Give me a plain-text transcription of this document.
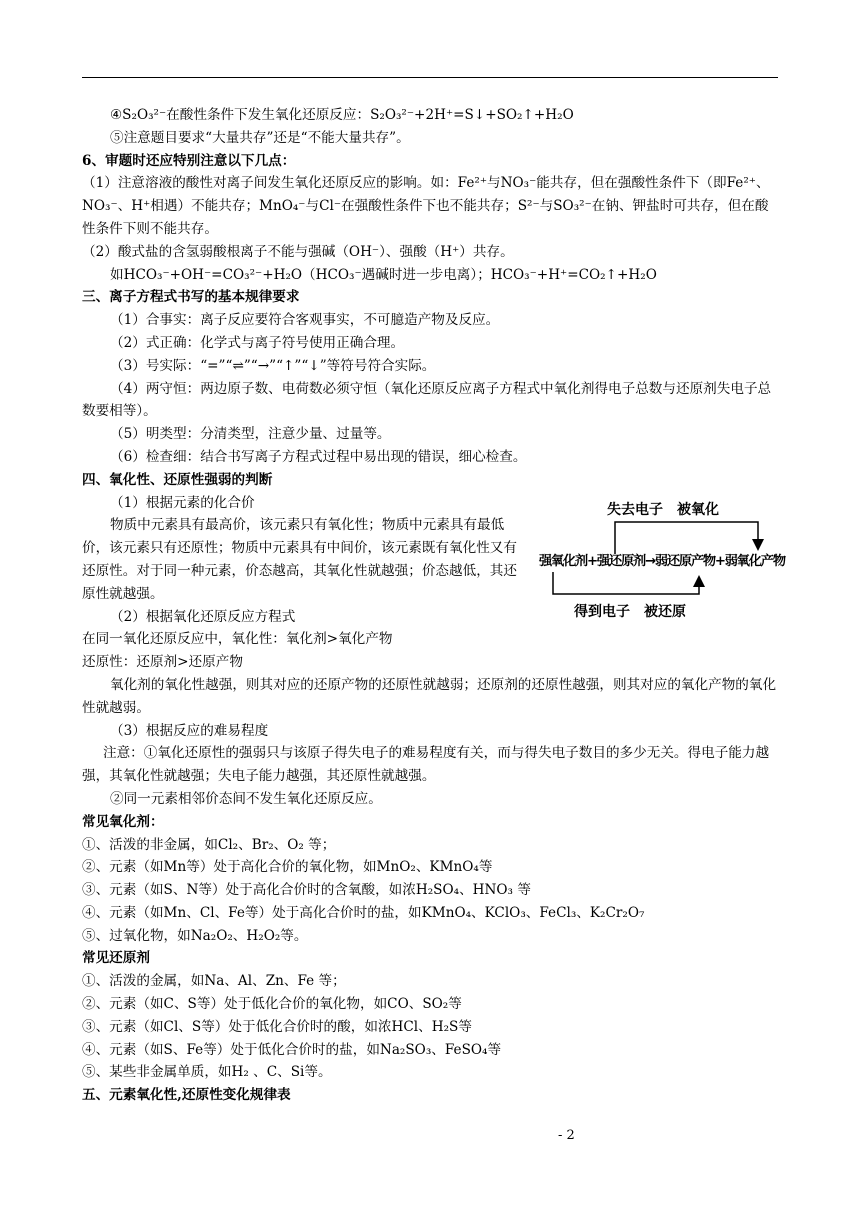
④S₂O₃²⁻在酸性条件下发生氧化还原反应：S₂O₃²⁻+2H⁺=S↓+SO₂↑+H₂O

⑤注意题目要求“大量共存”还是“不能大量共存”。

6、审题时还应特别注意以下几点：

（1）注意溶液的酸性对离子间发生氧化还原反应的影响。如：Fe²⁺与NO₃⁻能共存，但在强酸性条件下（即Fe²⁺、NO₃⁻、H⁺相遇）不能共存；MnO₄⁻与Cl⁻在强酸性条件下也不能共存；S²⁻与SO₃²⁻在钠、钾盐时可共存，但在酸性条件下则不能共存。

（2）酸式盐的含氢弱酸根离子不能与强碱（OH⁻）、强酸（H⁺）共存。

如HCO₃⁻+OH⁻=CO₃²⁻+H₂O（HCO₃⁻遇碱时进一步电离）；HCO₃⁻+H⁺=CO₂↑+H₂O

三、离子方程式书写的基本规律要求

（1）合事实：离子反应要符合客观事实，不可臆造产物及反应。

（2）式正确：化学式与离子符号使用正确合理。

（3）号实际：“=”“⇌”“→”“↑”“↓”等符号符合实际。

（4）两守恒：两边原子数、电荷数必须守恒（氧化还原反应离子方程式中氧化剂得电子总数与还原剂失电子总数要相等）。

（5）明类型：分清类型，注意少量、过量等。

（6）检查细：结合书写离子方程式过程中易出现的错误，细心检查。

四、氧化性、还原性强弱的判断

（1）根据元素的化合价

物质中元素具有最高价，该元素只有氧化性；物质中元素具有最低价，该元素只有还原性；物质中元素具有中间价，该元素既有氧化性又有还原性。对于同一种元素，价态越高，其氧化性就越强；价态越低，其还原性就越强。

（2）根据氧化还原反应方程式

在同一氧化还原反应中，氧化性：氧化剂>氧化产物

还原性：还原剂>还原产物

氧化剂的氧化性越强，则其对应的还原产物的还原性就越弱；还原剂的还原性越强，则其对应的氧化产物的氧化性就越弱。

（3）根据反应的难易程度

注意：①氧化还原性的强弱只与该原子得失电子的难易程度有关，而与得失电子数目的多少无关。得电子能力越强，其氧化性就越强；失电子能力越强，其还原性就越强。

②同一元素相邻价态间不发生氧化还原反应。

常见氧化剂：

①、活泼的非金属，如Cl₂、Br₂、O₂ 等；

②、元素（如Mn等）处于高化合价的氧化物，如MnO₂、KMnO₄等

③、元素（如S、N等）处于高化合价时的含氧酸，如浓H₂SO₄、HNO₃ 等

④、元素（如Mn、Cl、Fe等）处于高化合价时的盐，如KMnO₄、KClO₃、FeCl₃、K₂Cr₂O₇

⑤、过氧化物，如Na₂O₂、H₂O₂等。

常见还原剂

①、活泼的金属，如Na、Al、Zn、Fe 等；

②、元素（如C、S等）处于低化合价的氧化物，如CO、SO₂等

③、元素（如Cl、S等）处于低化合价时的酸，如浓HCl、H₂S等

④、元素（如S、Fe等）处于低化合价时的盐，如Na₂SO₃、FeSO₄等

⑤、某些非金属单质，如H₂ 、C、Si等。

五、元素氧化性,还原性变化规律表
失去电子　被氧化
强氧化剂+强还原剂→弱还原产物+弱氧化产物
得到电子　被还原
- 2
